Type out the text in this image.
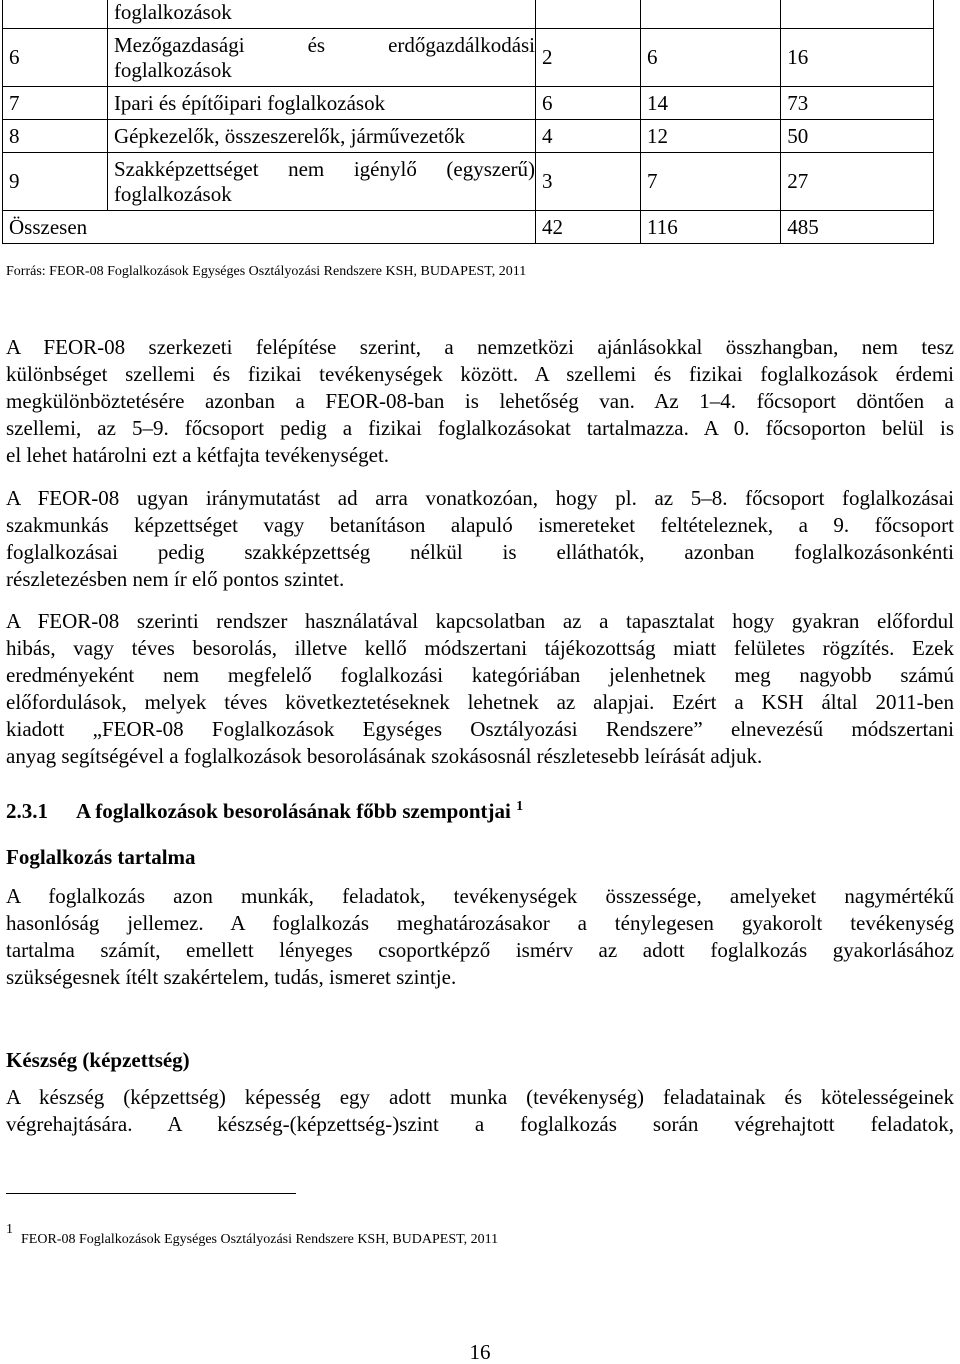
	foglalkozások			
6	Mezőgazdasági és erdőgazdálkodási
foglalkozások	2	6	16
7	Ipari és építőipari foglalkozások	6	14	73
8	Gépkezelők, összeszerelők, járművezetők	4	12	50
9	Szakképzettséget nem igénylő (egyszerű)
foglalkozások	3	7	27
Összesen		42	116	485
Forrás: FEOR-08 Foglalkozások Egységes Osztályozási Rendszere KSH, BUDAPEST, 2011

A FEOR-08 szerkezeti felépítése szerint, a nemzetközi ajánlásokkal összhangban, nem tesz
különbséget szellemi és fizikai tevékenységek között. A szellemi és fizikai foglalkozások érdemi
megkülönböztetésére azonban a FEOR-08-ban is lehetőség van. Az 1–4. főcsoport döntően a
szellemi, az 5–9. főcsoport pedig a fizikai foglalkozásokat tartalmazza. A 0. főcsoporton belül is
el lehet határolni ezt a kétfajta tevékenységet.

A FEOR-08 ugyan iránymutatást ad arra vonatkozóan, hogy pl. az 5–8. főcsoport foglalkozásai
szakmunkás képzettséget vagy betanításon alapuló ismereteket feltételeznek, a 9. főcsoport
foglalkozásai pedig szakképzettség nélkül is elláthatók, azonban foglalkozásonkénti
részletezésben nem ír elő pontos szintet.

A FEOR-08 szerinti rendszer használatával kapcsolatban az a tapasztalat hogy gyakran előfordul
hibás, vagy téves besorolás, illetve kellő módszertani tájékozottság miatt felületes rögzítés. Ezek
eredményeként nem megfelelő foglalkozási kategóriában jelenhetnek meg nagyobb számú
előfordulások, melyek téves következtetéseknek lehetnek az alapjai. Ezért a KSH által 2011-ben
kiadott „FEOR-08 Foglalkozások Egységes Osztályozási Rendszere” elnevezésű módszertani
anyag segítségével a foglalkozások besorolásának szokásosnál részletesebb leírását adjuk.

2.3.1 A foglalkozások besorolásának főbb szempontjai $^1$
Foglalkozás tartalma

A foglalkozás azon munkák, feladatok, tevékenységek összessége, amelyeket nagymértékű
hasonlóság jellemez. A foglalkozás meghatározásakor a ténylegesen gyakorolt tevékenység
tartalma számít, emellett lényeges csoportképző ismérv az adott foglalkozás gyakorlásához
szükségesnek ítélt szakértelem, tudás, ismeret szintje.

Készség (képzettség)

A készség (képzettség) képesség egy adott munka (tevékenység) feladatainak és kötelességeinek
végrehajtására. A készség-(képzettség-)szint a foglalkozás során végrehajtott feladatok,

1FEOR-08 Foglalkozások Egységes Osztályozási Rendszere KSH, BUDAPEST, 2011
16
